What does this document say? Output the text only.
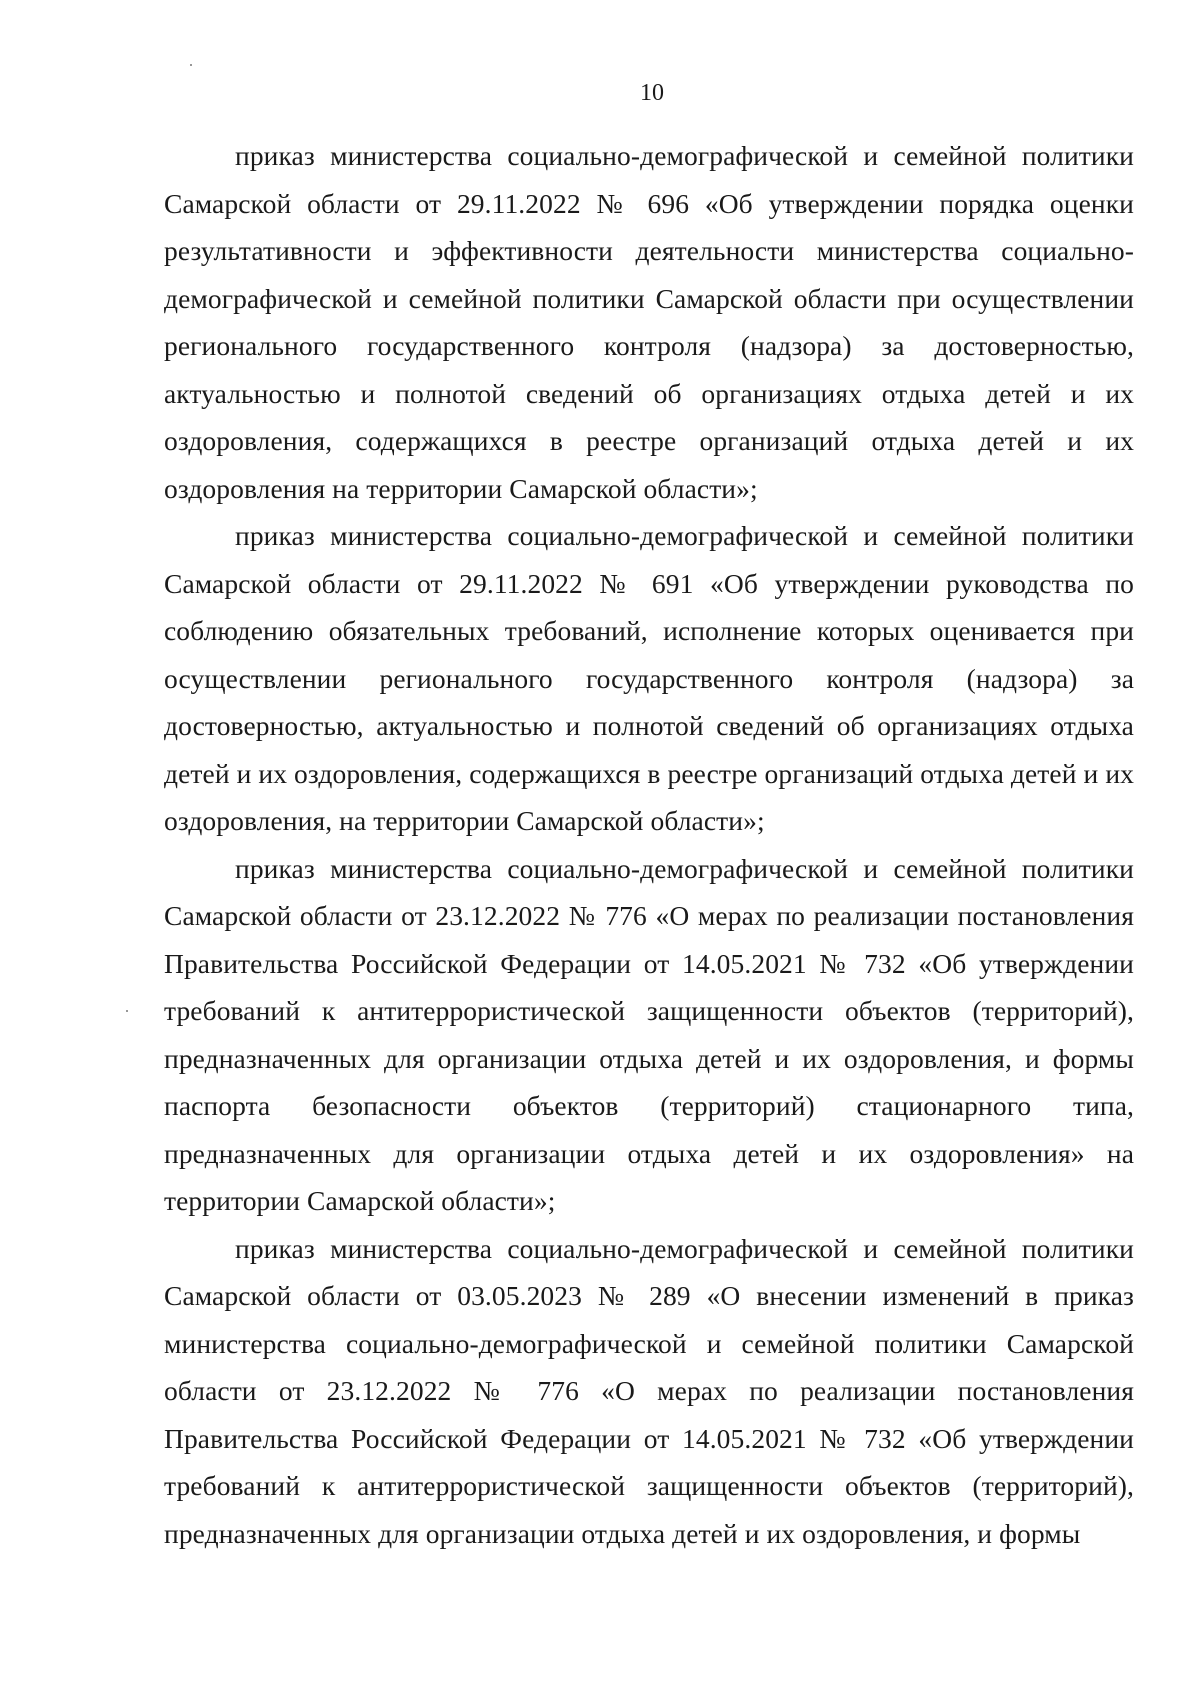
10

приказ министерства социально-демографической и семейной политики Самарской области от 29.11.2022 № 696 «Об утверждении порядка оценки результативности и эффективности деятельности министерства социально-демографической и семейной политики Самарской области при осуществлении регионального государственного контроля (надзора) за достоверностью, актуальностью и полнотой сведений об организациях отдыха детей и их оздоровления, содержащихся в реестре организаций отдыха детей и их оздоровления на территории Самарской области»;

приказ министерства социально-демографической и семейной политики Самарской области от 29.11.2022 № 691 «Об утверждении руководства по соблюдению обязательных требований, исполнение которых оценивается при осуществлении регионального государственного контроля (надзора) за достоверностью, актуальностью и полнотой сведений об организациях отдыха детей и их оздоровления, содержащихся в реестре организаций отдыха детей и их оздоровления, на территории Самарской области»;

приказ министерства социально-демографической и семейной политики Самарской области от 23.12.2022 № 776 «О мерах по реализации постановления Правительства Российской Федерации от 14.05.2021 № 732 «Об утверждении требований к антитеррористической защищенности объектов (территорий), предназначенных для организации отдыха детей и их оздоровления, и формы паспорта безопасности объектов (территорий) стационарного типа, предназначенных для организации отдыха детей и их оздоровления» на территории Самарской области»;

приказ министерства социально-демографической и семейной политики Самарской области от 03.05.2023 № 289 «О внесении изменений в приказ министерства социально-демографической и семейной политики Самарской области от 23.12.2022 № 776 «О мерах по реализации постановления Правительства Российской Федерации от 14.05.2021 № 732 «Об утверждении требований к антитеррористической защищенности объектов (территорий), предназначенных для организации отдыха детей и их оздоровления, и формы
